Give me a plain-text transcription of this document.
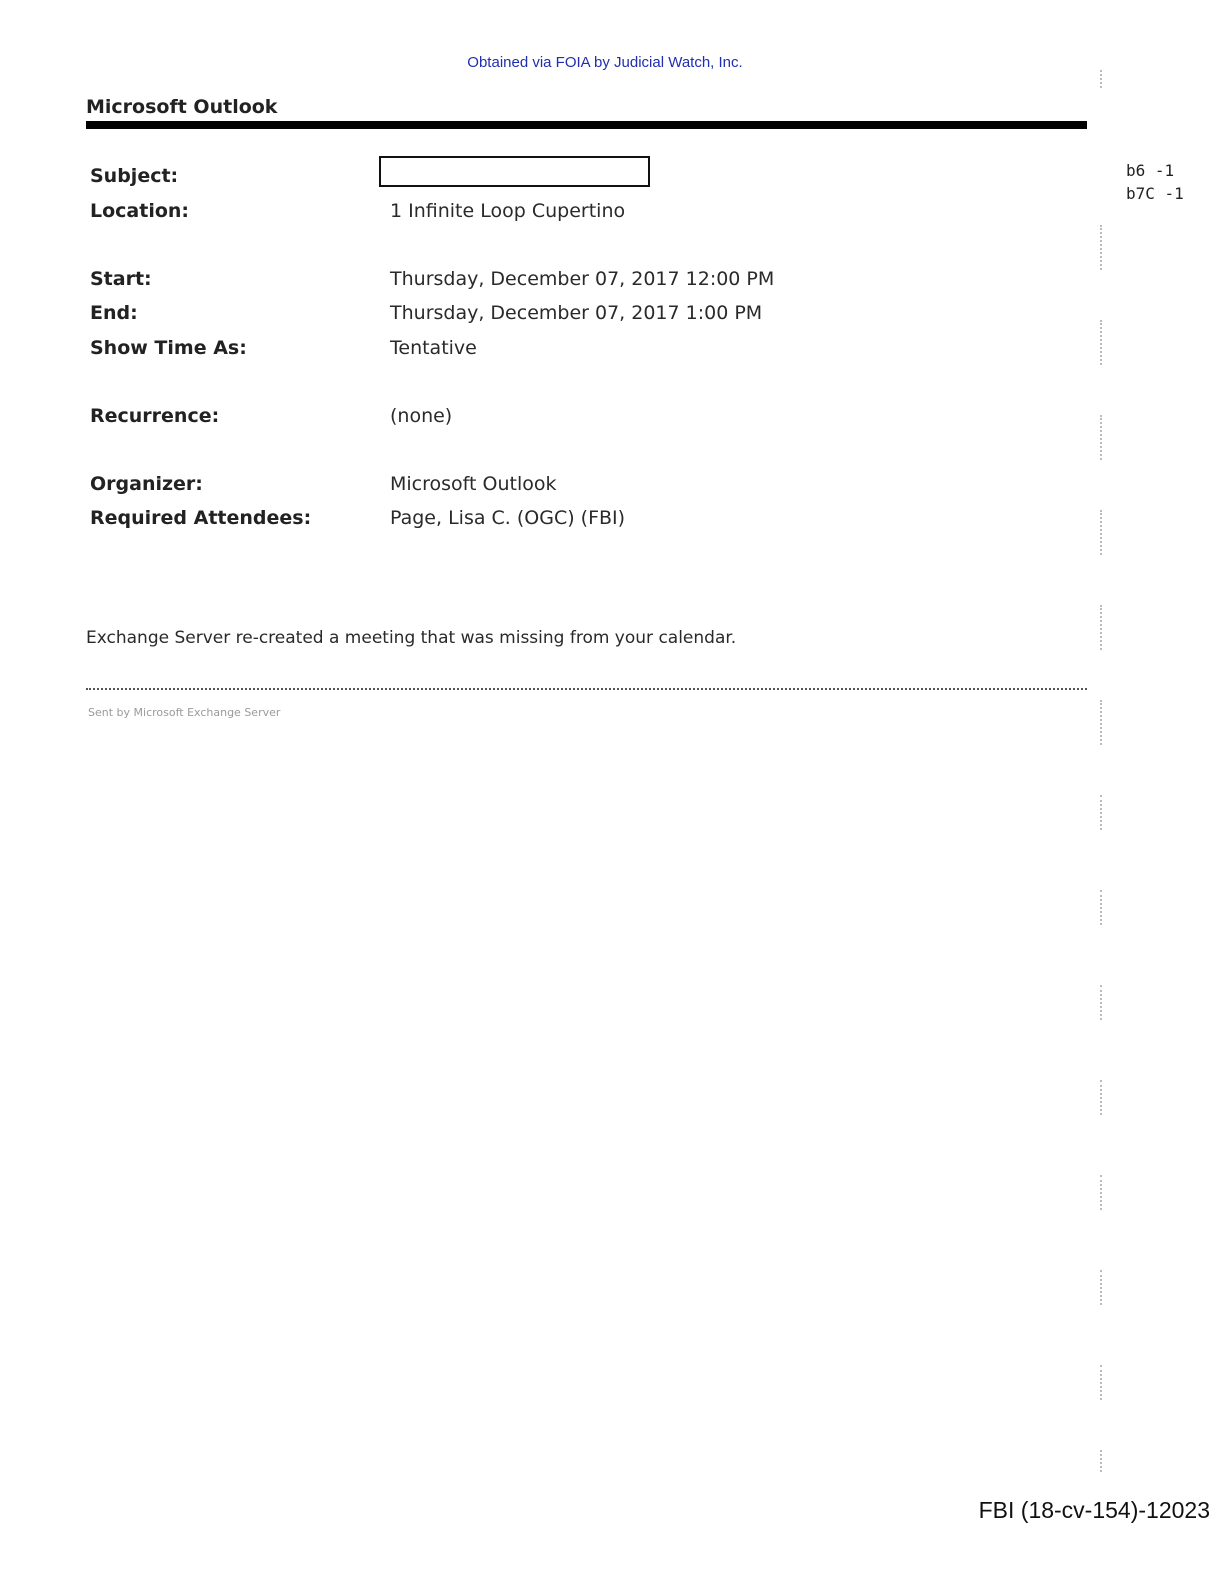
Obtained via FOIA by Judicial Watch, Inc.
Microsoft Outlook
Subject:
Location:	1 Infinite Loop Cupertino
Start:	Thursday, December 07, 2017 12:00 PM
End:	Thursday, December 07, 2017 1:00 PM
Show Time As:	Tentative
Recurrence:	(none)
Organizer:	Microsoft Outlook
Required Attendees:	Page, Lisa C. (OGC) (FBI)
b6 -1
b7C -1
Exchange Server re-created a meeting that was missing from your calendar.
Sent by Microsoft Exchange Server
FBI (18-cv-154)-12023
